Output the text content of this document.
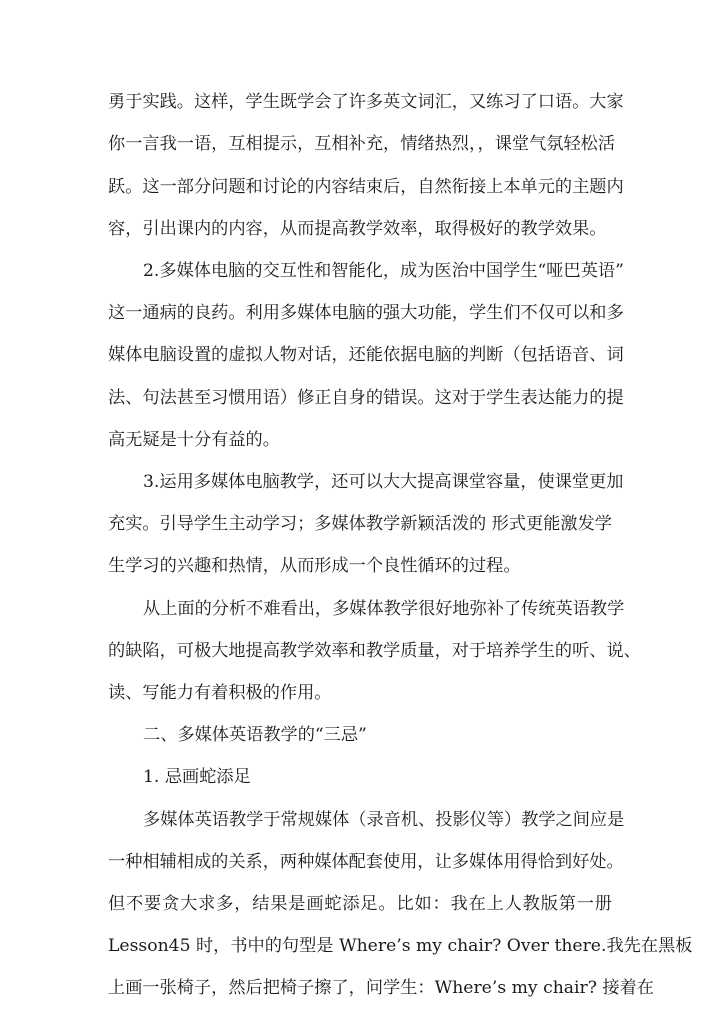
勇于实践。这样，学生既学会了许多英文词汇，又练习了口语。大家
你一言我一语，互相提示，互相补充，情绪热烈，，课堂气氛轻松活
跃。这一部分问题和讨论的内容结束后，自然衔接上本单元的主题内
容，引出课内的内容，从而提高教学效率，取得极好的教学效果。
2.多媒体电脑的交互性和智能化，成为医治中国学生“哑巴英语”
这一通病的良药。利用多媒体电脑的强大功能，学生们不仅可以和多
媒体电脑设置的虚拟人物对话，还能依据电脑的判断（包括语音、词
法、句法甚至习惯用语）修正自身的错误。这对于学生表达能力的提
高无疑是十分有益的。
3.运用多媒体电脑教学，还可以大大提高课堂容量，使课堂更加
充实。引导学生主动学习；多媒体教学新颖活泼的 形式更能激发学
生学习的兴趣和热情，从而形成一个良性循环的过程。
从上面的分析不难看出，多媒体教学很好地弥补了传统英语教学
的缺陷，可极大地提高教学效率和教学质量，对于培养学生的听、说、
读、写能力有着积极的作用。
二、多媒体英语教学的“三忌”
1. 忌画蛇添足
多媒体英语教学于常规媒体（录音机、投影仪等）教学之间应是
一种相辅相成的关系，两种媒体配套使用，让多媒体用得恰到好处。
但不要贪大求多，结果是画蛇添足。比如：我在上人教版第一册
Lesson45 时，书中的句型是 Where’s my chair? Over there.我先在黑板
上画一张椅子，然后把椅子擦了，问学生：Where’s my chair? 接着在
